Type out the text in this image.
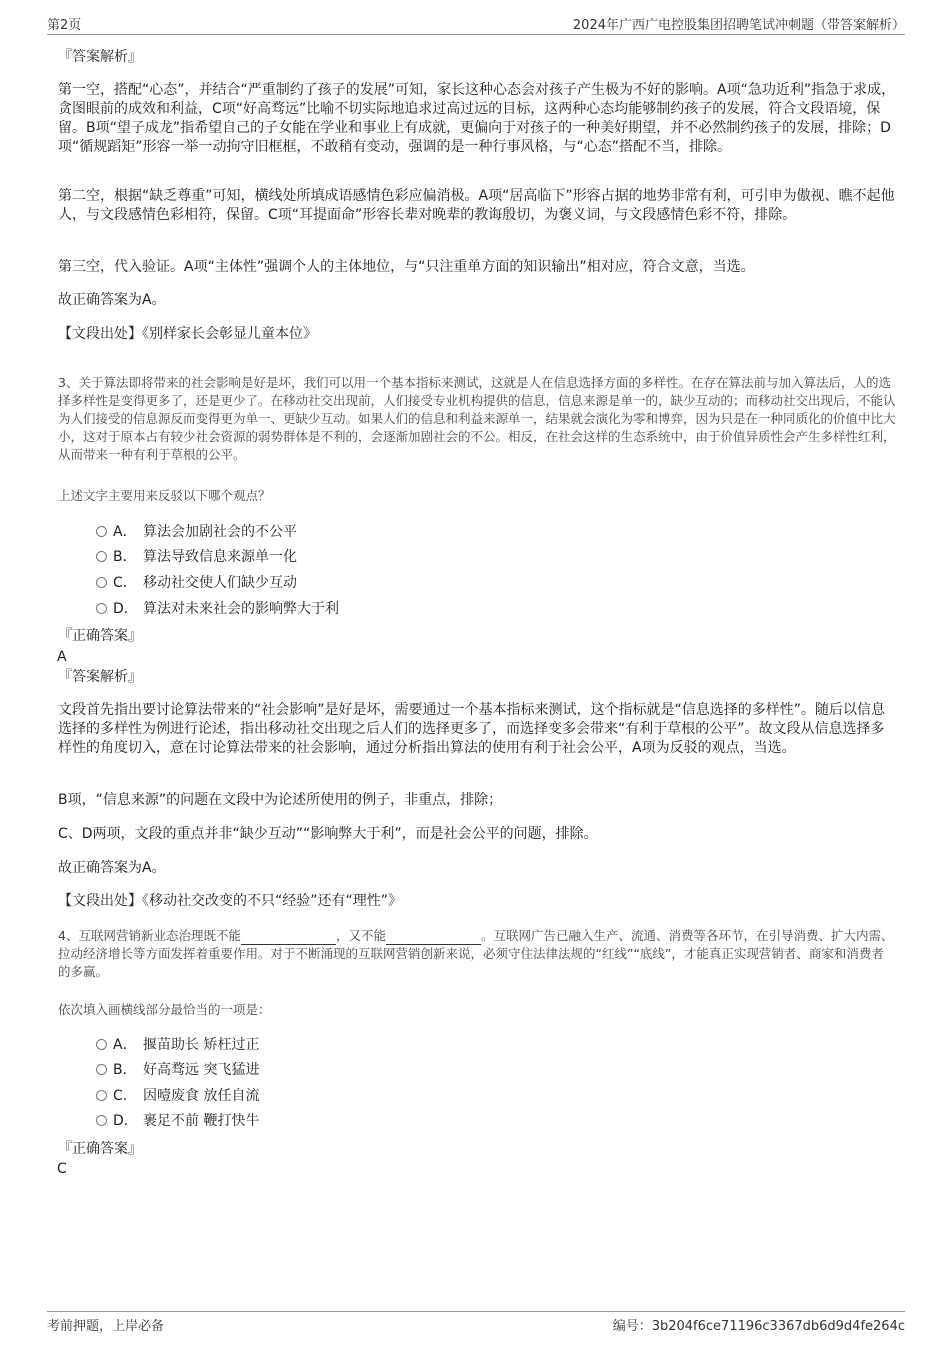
第2页	2024年广西广电控股集团招聘笔试冲刺题（带答案解析）
『答案解析』
第一空，搭配“心态”，并结合“严重制约了孩子的发展”可知，家长这种心态会对孩子产生极为不好的影响。A项“急功近利”指急于求成，贪图眼前的成效和利益，C项“好高骛远”比喻不切实际地追求过高过远的目标，这两种心态均能够制约孩子的发展，符合文段语境，保留。B项“望子成龙”指希望自己的子女能在学业和事业上有成就，更偏向于对孩子的一种美好期望，并不必然制约孩子的发展，排除；D项“循规蹈矩”形容一举一动拘守旧框框，不敢稍有变动，强调的是一种行事风格，与“心态”搭配不当，排除。
第二空，根据“缺乏尊重”可知，横线处所填成语感情色彩应偏消极。A项“居高临下”形容占据的地势非常有利，可引申为傲视、瞧不起他人，与文段感情色彩相符，保留。C项“耳提面命”形容长辈对晚辈的教诲殷切，为褒义词，与文段感情色彩不符，排除。
第三空，代入验证。A项“主体性”强调个人的主体地位，与“只注重单方面的知识输出”相对应，符合文意，当选。
故正确答案为A。
【文段出处】《别样家长会彰显儿童本位》
3、关于算法即将带来的社会影响是好是坏，我们可以用一个基本指标来测试，这就是人在信息选择方面的多样性。在存在算法前与加入算法后，人的选择多样性是变得更多了，还是更少了。在移动社交出现前，人们接受专业机构提供的信息，信息来源是单一的，缺少互动的；而移动社交出现后，不能认为人们接受的信息源反而变得更为单一、更缺少互动。如果人们的信息和利益来源单一，结果就会演化为零和博弈，因为只是在一种同质化的价值中比大小，这对于原本占有较少社会资源的弱势群体是不利的，会逐渐加剧社会的不公。相反，在社会这样的生态系统中，由于价值异质性会产生多样性红利，从而带来一种有利于草根的公平。
上述文字主要用来反驳以下哪个观点？
A． 算法会加剧社会的不公平
B． 算法导致信息来源单一化
C． 移动社交使人们缺少互动
D． 算法对未来社会的影响弊大于利
『正确答案』
A
『答案解析』
文段首先指出要讨论算法带来的“社会影响”是好是坏，需要通过一个基本指标来测试，这个指标就是“信息选择的多样性”。随后以信息选择的多样性为例进行论述，指出移动社交出现之后人们的选择更多了，而选择变多会带来“有利于草根的公平”。故文段从信息选择多样性的角度切入，意在讨论算法带来的社会影响，通过分析指出算法的使用有利于社会公平，A项为反驳的观点，当选。
B项，“信息来源”的问题在文段中为论述所使用的例子，非重点，排除；
C、D两项，文段的重点并非“缺少互动”“影响弊大于利”，而是社会公平的问题，排除。
故正确答案为A。
【文段出处】《移动社交改变的不只“经验”还有“理性”》
4、互联网营销新业态治理既不能	，又不能	。互联网广告已融入生产、流通、消费等各环节，在引导消费、扩大内需、拉动经济增长等方面发挥着重要作用。对于不断涌现的互联网营销创新来说，必须守住法律法规的“红线”“底线”，才能真正实现营销者、商家和消费者的多赢。
依次填入画横线部分最恰当的一项是：
A． 揠苗助长 矫枉过正
B． 好高骛远 突飞猛进
C． 因噎废食 放任自流
D． 裹足不前 鞭打快牛
『正确答案』
C
考前押题，上岸必备	编号：3b204f6ce71196c3367db6d9d4fe264c
